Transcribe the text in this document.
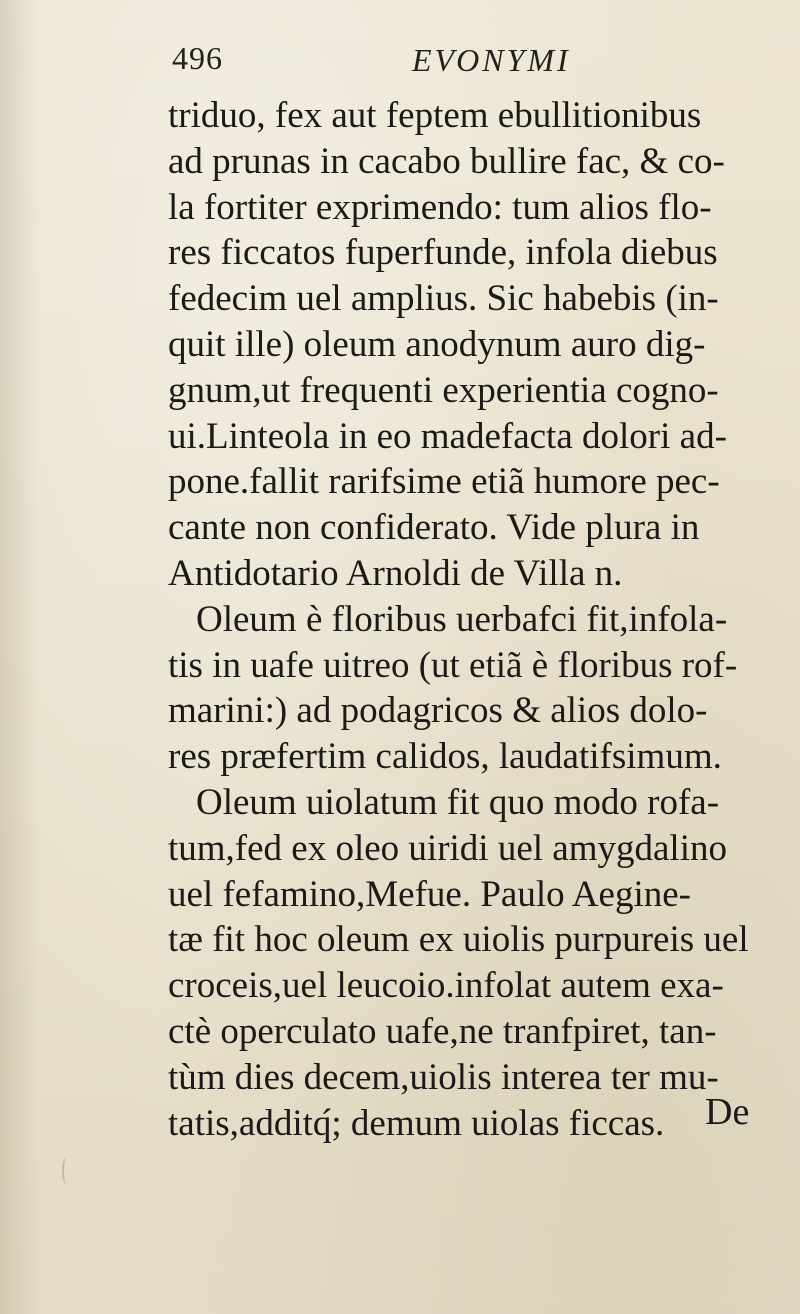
496	EVONYMI
triduo, fex aut feptem ebullitionibus
ad prunas in cacabo bullire fac, & co-
la fortiter exprimendo: tum alios flo-
res ficcatos fuperfunde, infola diebus
fedecim uel amplius. Sic habebis (in-
quit ille) oleum anodynum auro dig-
gnum,ut frequenti experientia cogno-
ui.Linteola in eo madefacta dolori ad-
pone.fallit rarifsime etiã humore pec-
cante non confiderato. Vide plura in
Antidotario Arnoldi de Villa n.
Oleum è floribus uerbafci fit,infola-
tis in uafe uitreo (ut etiã è floribus rof-
marini:) ad podagricos & alios dolo-
res præfertim calidos, laudatifsimum.
Oleum uiolatum fit quo modo rofa-
tum,fed ex oleo uiridi uel amygdalino
uel fefamino,Mefue. Paulo Aegine-
tæ fit hoc oleum ex uiolis purpureis uel
croceis,uel leucoio.infolat autem exa-
ctè operculato uafe,ne tranfpiret, tan-
tùm dies decem,uiolis interea ter mu-
tatis,additq́; demum uiolas ficcas.	De
